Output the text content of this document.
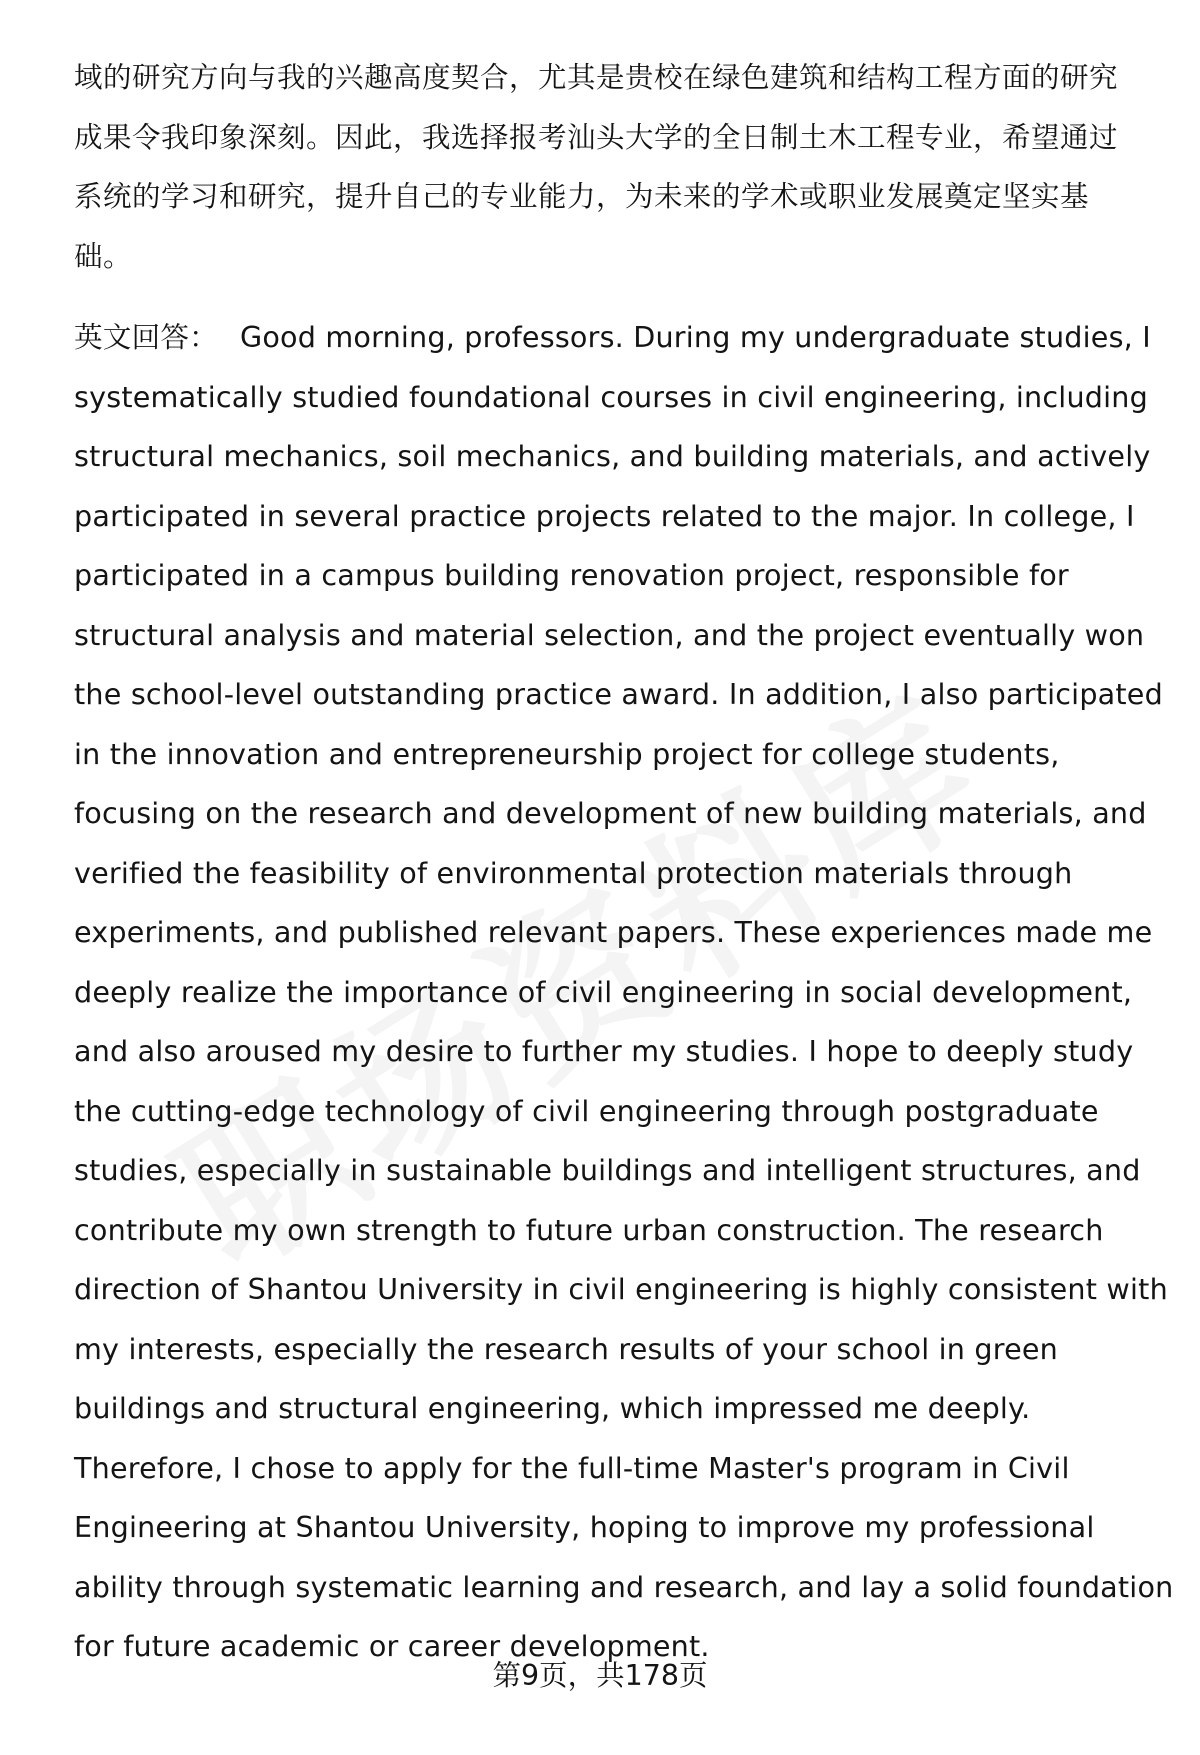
域的研究方向与我的兴趣高度契合，尤其是贵校在绿色建筑和结构工程方面的研究
成果令我印象深刻。因此，我选择报考汕头大学的全日制土木工程专业，希望通过
系统的学习和研究，提升自己的专业能力，为未来的学术或职业发展奠定坚实基
础。

英文回答： Good morning, professors. During my undergraduate studies, I
systematically studied foundational courses in civil engineering, including
structural mechanics, soil mechanics, and building materials, and actively
participated in several practice projects related to the major. In college, I
participated in a campus building renovation project, responsible for
structural analysis and material selection, and the project eventually won
the school-level outstanding practice award. In addition, I also participated
in the innovation and entrepreneurship project for college students,
focusing on the research and development of new building materials, and
verified the feasibility of environmental protection materials through
experiments, and published relevant papers. These experiences made me
deeply realize the importance of civil engineering in social development,
and also aroused my desire to further my studies. I hope to deeply study
the cutting-edge technology of civil engineering through postgraduate
studies, especially in sustainable buildings and intelligent structures, and
contribute my own strength to future urban construction. The research
direction of Shantou University in civil engineering is highly consistent with
my interests, especially the research results of your school in green
buildings and structural engineering, which impressed me deeply.
Therefore, I chose to apply for the full-time Master's program in Civil
Engineering at Shantou University, hoping to improve my professional
ability through systematic learning and research, and lay a solid foundation
for future academic or career development.

第9页，共178页
